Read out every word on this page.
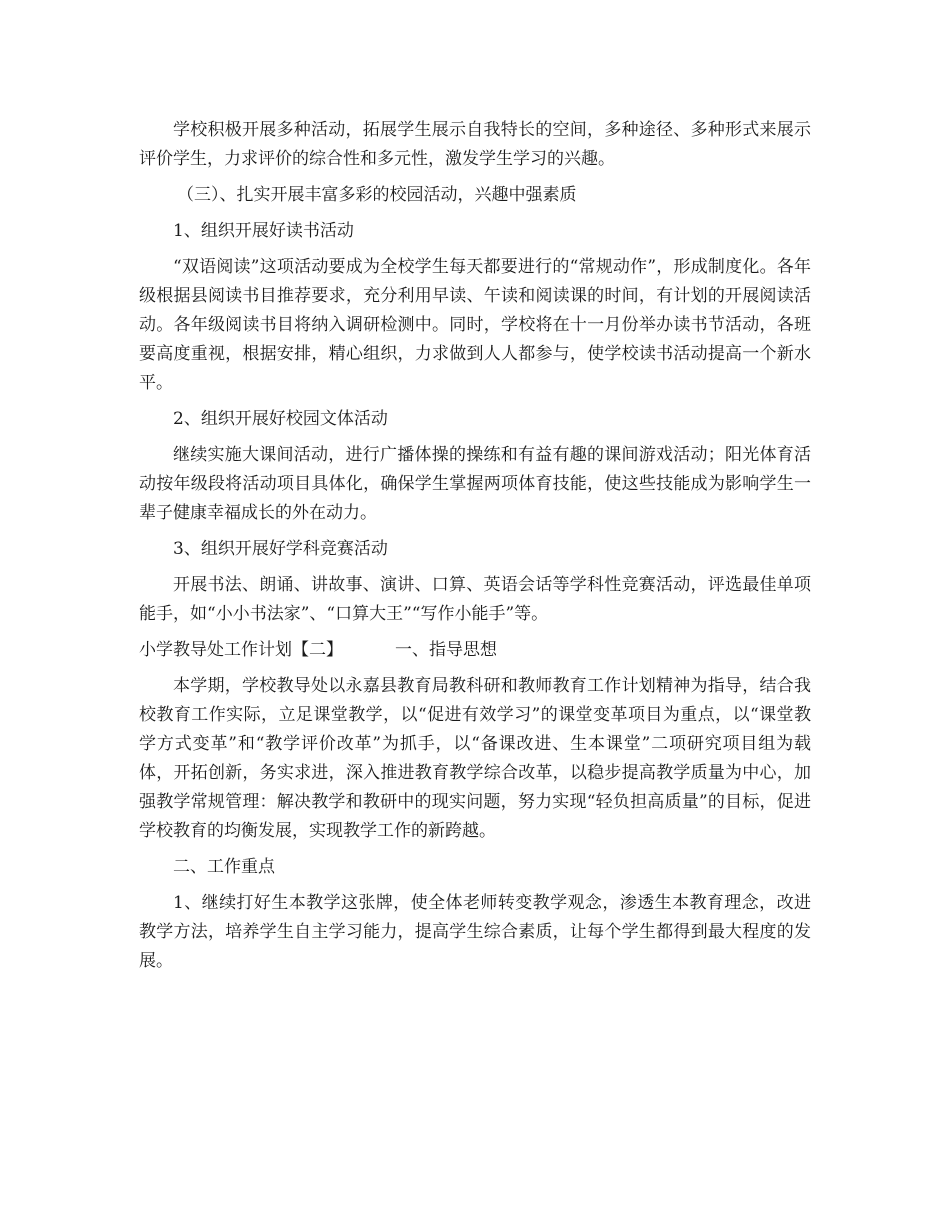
学校积极开展多种活动，拓展学生展示自我特长的空间，多种途径、多种形式来展示评价学生，力求评价的综合性和多元性，激发学生学习的兴趣。

（三）、扎实开展丰富多彩的校园活动，兴趣中强素质

1、组织开展好读书活动

“双语阅读”这项活动要成为全校学生每天都要进行的“常规动作”，形成制度化。各年级根据县阅读书目推荐要求，充分利用早读、午读和阅读课的时间，有计划的开展阅读活动。各年级阅读书目将纳入调研检测中。同时，学校将在十一月份举办读书节活动，各班要高度重视，根据安排，精心组织，力求做到人人都参与，使学校读书活动提高一个新水平。

2、组织开展好校园文体活动

继续实施大课间活动，进行广播体操的操练和有益有趣的课间游戏活动；阳光体育活动按年级段将活动项目具体化，确保学生掌握两项体育技能，使这些技能成为影响学生一辈子健康幸福成长的外在动力。

3、组织开展好学科竞赛活动

开展书法、朗诵、讲故事、演讲、口算、英语会话等学科性竞赛活动，评选最佳单项能手，如“小小书法家”、“口算大王”“写作小能手”等。

小学教导处工作计划【二】	一、指导思想

本学期，学校教导处以永嘉县教育局教科研和教师教育工作计划精神为指导，结合我校教育工作实际，立足课堂教学，以“促进有效学习”的课堂变革项目为重点，以“课堂教学方式变革”和“教学评价改革”为抓手，以“备课改进、生本课堂”二项研究项目组为载体，开拓创新，务实求进，深入推进教育教学综合改革，以稳步提高教学质量为中心，加强教学常规管理：解决教学和教研中的现实问题，努力实现“轻负担高质量”的目标，促进学校教育的均衡发展，实现教学工作的新跨越。

二、工作重点

1、继续打好生本教学这张牌，使全体老师转变教学观念，渗透生本教育理念，改进教学方法，培养学生自主学习能力，提高学生综合素质，让每个学生都得到最大程度的发展。
